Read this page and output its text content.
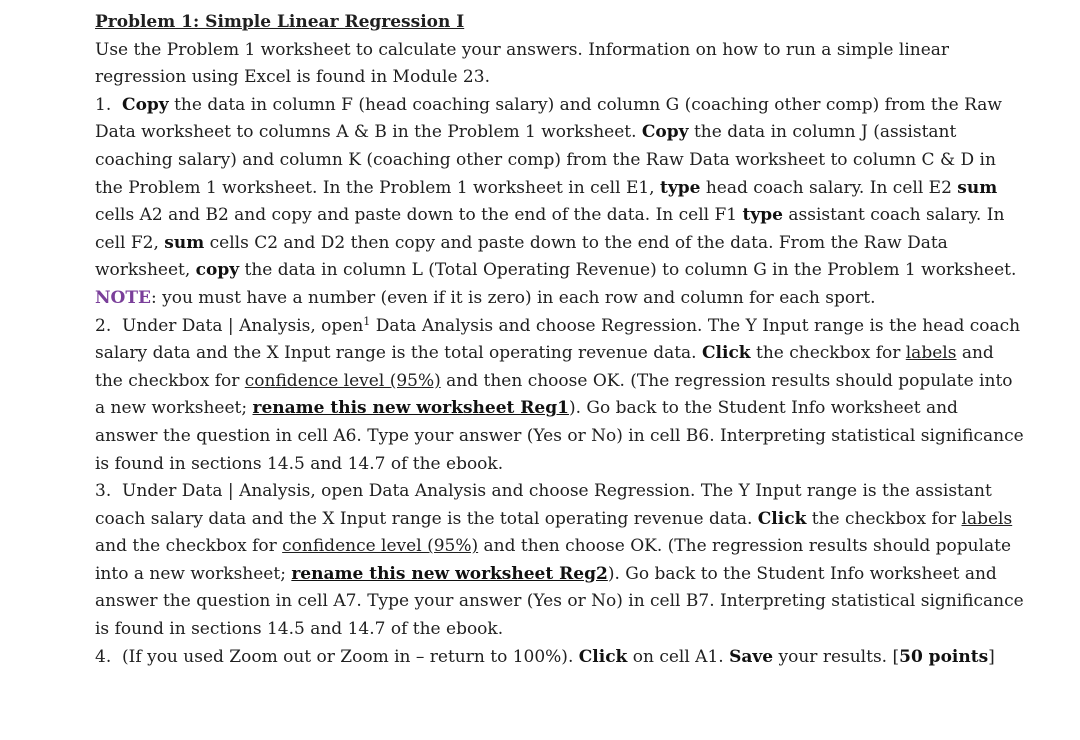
Problem 1: Simple Linear Regression I

Use the Problem 1 worksheet to calculate your answers. Information on how to run a simple linear regression using Excel is found in Module 23.

1. Copy the data in column F (head coaching salary) and column G (coaching other comp) from the Raw Data worksheet to columns A & B in the Problem 1 worksheet. Copy the data in column J (assistant coaching salary) and column K (coaching other comp) from the Raw Data worksheet to column C & D in the Problem 1 worksheet. In the Problem 1 worksheet in cell E1, type head coach salary. In cell E2 sum cells A2 and B2 and copy and paste down to the end of the data. In cell F1 type assistant coach salary. In cell F2, sum cells C2 and D2 then copy and paste down to the end of the data. From the Raw Data worksheet, copy the data in column L (Total Operating Revenue) to column G in the Problem 1 worksheet.

NOTE: you must have a number (even if it is zero) in each row and column for each sport.

2. Under Data | Analysis, open$^1$ Data Analysis and choose Regression. The Y Input range is the head coach salary data and the X Input range is the total operating revenue data. Click the checkbox for labels and the checkbox for confidence level (95%) and then choose OK. (The regression results should populate into a new worksheet; rename this new worksheet Reg1). Go back to the Student Info worksheet and answer the question in cell A6. Type your answer (Yes or No) in cell B6. Interpreting statistical significance is found in sections 14.5 and 14.7 of the ebook.

3. Under Data | Analysis, open Data Analysis and choose Regression. The Y Input range is the assistant coach salary data and the X Input range is the total operating revenue data. Click the checkbox for labels and the checkbox for confidence level (95%) and then choose OK. (The regression results should populate into a new worksheet; rename this new worksheet Reg2). Go back to the Student Info worksheet and answer the question in cell A7. Type your answer (Yes or No) in cell B7. Interpreting statistical significance is found in sections 14.5 and 14.7 of the ebook.

4. (If you used Zoom out or Zoom in – return to 100%). Click on cell A1. Save your results. [50 points]
